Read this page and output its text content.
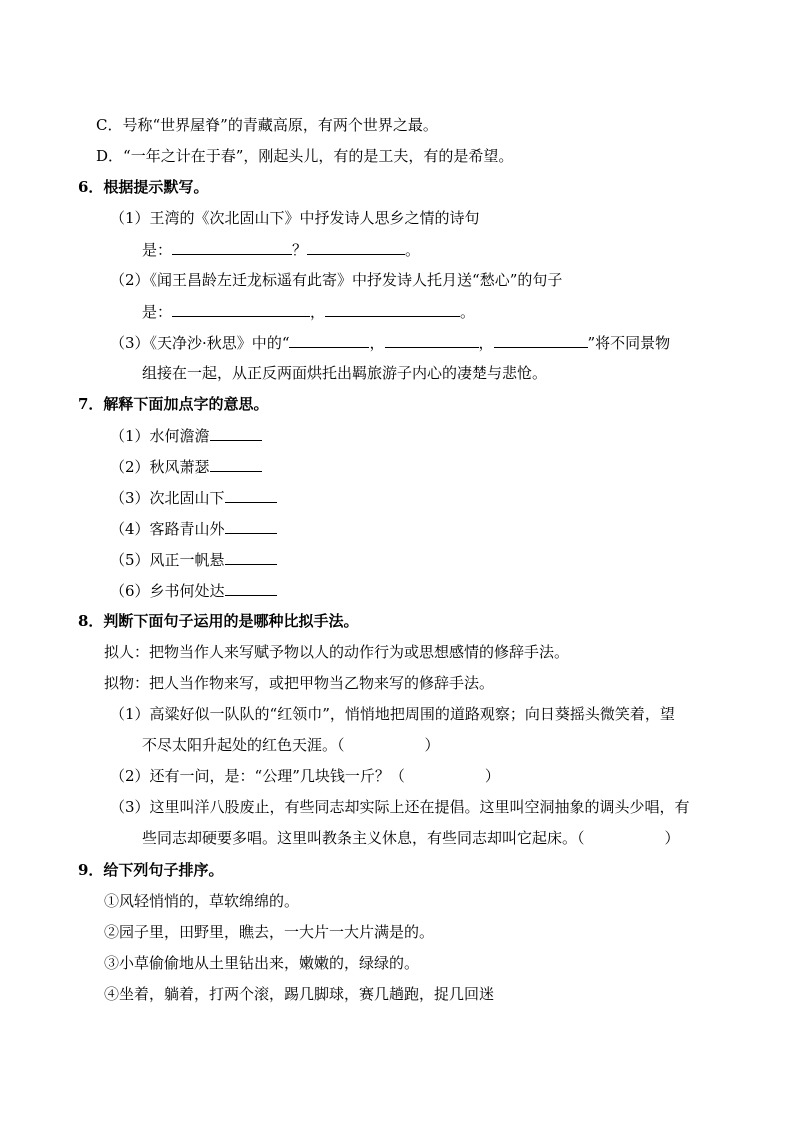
C．号称“世界屋脊”的青藏高原，有两个世界之最。
D．“一年之计在于春”，刚起头儿，有的是工夫，有的是希望。
6．根据提示默写。
（1）王湾的《次北固山下》中抒发诗人思乡之情的诗句
是：	？	。
（2）《闻王昌龄左迁龙标遥有此寄》中抒发诗人托月送“愁心”的句子
是：	，	。
（3）《天净沙·秋思》中的“	，	，	”将不同景物
组接在一起，从正反两面烘托出羁旅游子内心的凄楚与悲怆。
7．解释下面加点字的意思。
（1）水何澹澹
（2）秋风萧瑟
（3）次北固山下
（4）客路青山外
（5）风正一帆悬
（6）乡书何处达
8．判断下面句子运用的是哪种比拟手法。
拟人：把物当作人来写赋予物以人的动作行为或思想感情的修辞手法。
拟物：把人当作物来写，或把甲物当乙物来写的修辞手法。
（1）高粱好似一队队的“红领巾”，悄悄地把周围的道路观察；向日葵摇头微笑着，望
不尽太阳升起处的红色天涯。（	）
（2）还有一问，是：“公理”几块钱一斤？（	）
（3）这里叫洋八股废止，有些同志却实际上还在提倡。这里叫空洞抽象的调头少唱，有
些同志却硬要多唱。这里叫教条主义休息，有些同志却叫它起床。（	）
9．给下列句子排序。
①风轻悄悄的，草软绵绵的。
②园子里，田野里，瞧去，一大片一大片满是的。
③小草偷偷地从土里钻出来，嫩嫩的，绿绿的。
④坐着，躺着，打两个滚，踢几脚球，赛几趟跑，捉几回迷
